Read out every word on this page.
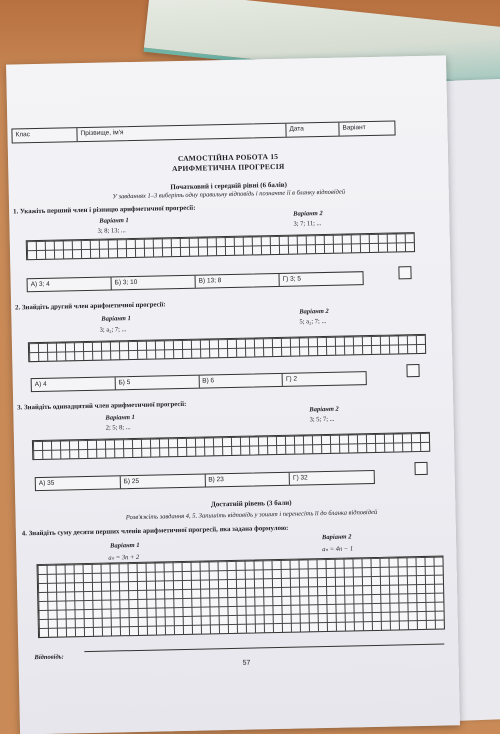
Клас	Прізвище, ім'я
Дата	Варіант
САМОСТІЙНА РОБОТА 15
АРИФМЕТИЧНА ПРОГРЕСІЯ
Початковий і середній рівні (6 балів)
У завданнях 1–3 виберіть одну правильну відповідь і позначте її в бланку відповідей
1. Укажіть перший член і різницю арифметичної прогресії:
Варіант 1
3; 8; 13; ...
Варіант 2
3; 7; 11; ...
А) 3; 4	Б) 3; 10	В) 13; 8	Г) 3; 5
2. Знайдіть другий член арифметичної прогресії:
Варіант 1
3; a₂; 7; ...
Варіант 2
5; a₂; 7; ...
А) 4	Б) 5	В) 6	Г) 2
3. Знайдіть одинадцятий член арифметичної прогресії:
Варіант 1
2; 5; 8; ...
Варіант 2
3; 5; 7; ...
А) 35	Б) 25	В) 23	Г) 32
Достатній рівень (3 бали)
Розв'яжіть завдання 4, 5. Запишіть відповідь у зошит і перенесіть її до бланка відповідей
4. Знайдіть суму десяти перших членів арифметичної прогресії, яка задана формулою:
Варіант 1
aₙ = 3n + 2
Варіант 2
aₙ = 4n − 1
Відповідь:
57
